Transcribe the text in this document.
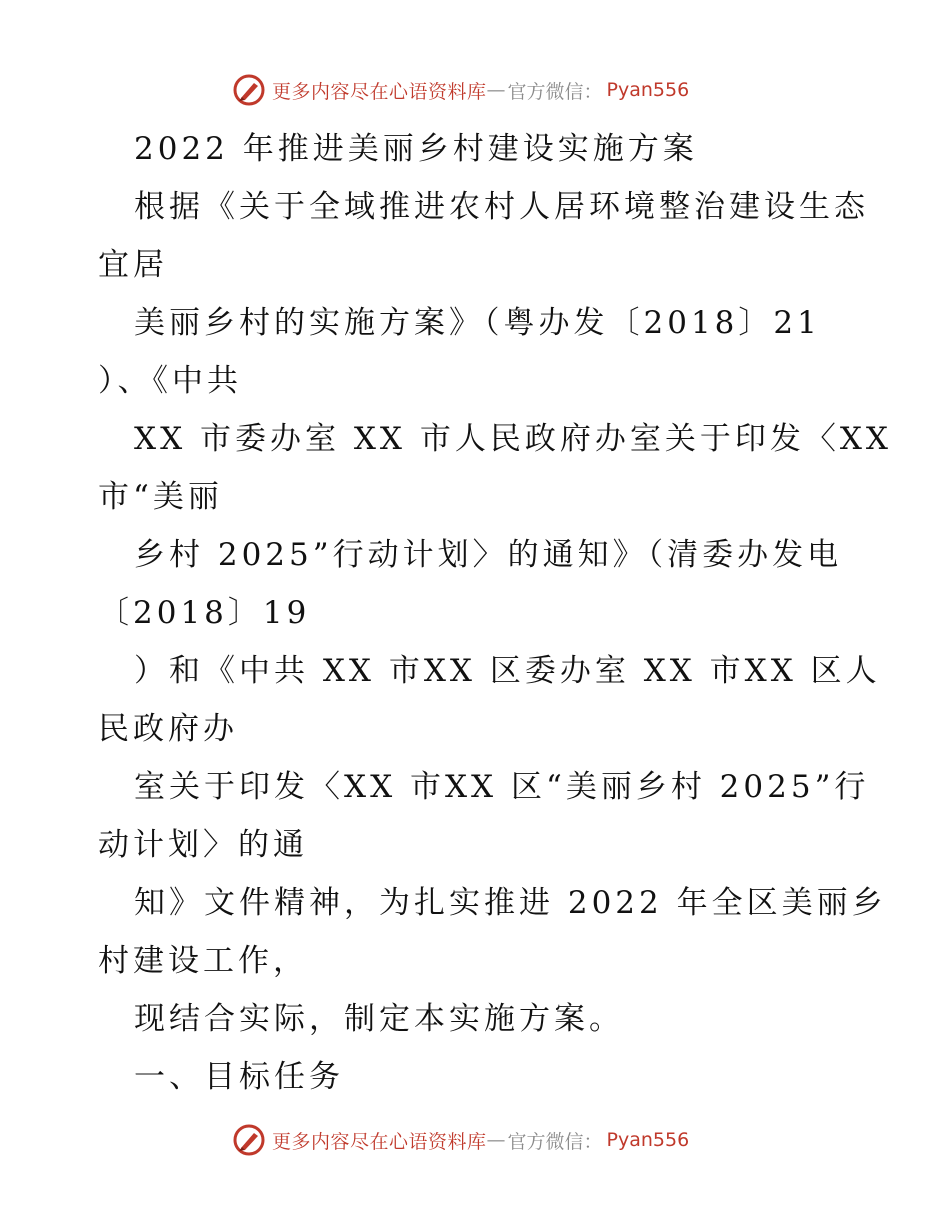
更多内容尽在心语资料库 — 官方微信： Pyan556
2022 年推进美丽乡村建设实施方案
根据《关于全域推进农村人居环境整治建设生态
宜居
美丽乡村的实施方案》（粤办发〔2018〕21
）、《中共
XX 市委办室 XX 市人民政府办室关于印发〈XX
市“美丽
乡村 2025”行动计划〉的通知》（清委办发电
〔2018〕19
）和《中共 XX 市XX 区委办室 XX 市XX 区人
民政府办
室关于印发〈XX 市XX 区“美丽乡村 2025”行
动计划〉的通
知》文件精神，为扎实推进 2022 年全区美丽乡
村建设工作，
现结合实际，制定本实施方案。
一、目标任务
更多内容尽在心语资料库 — 官方微信： Pyan556
